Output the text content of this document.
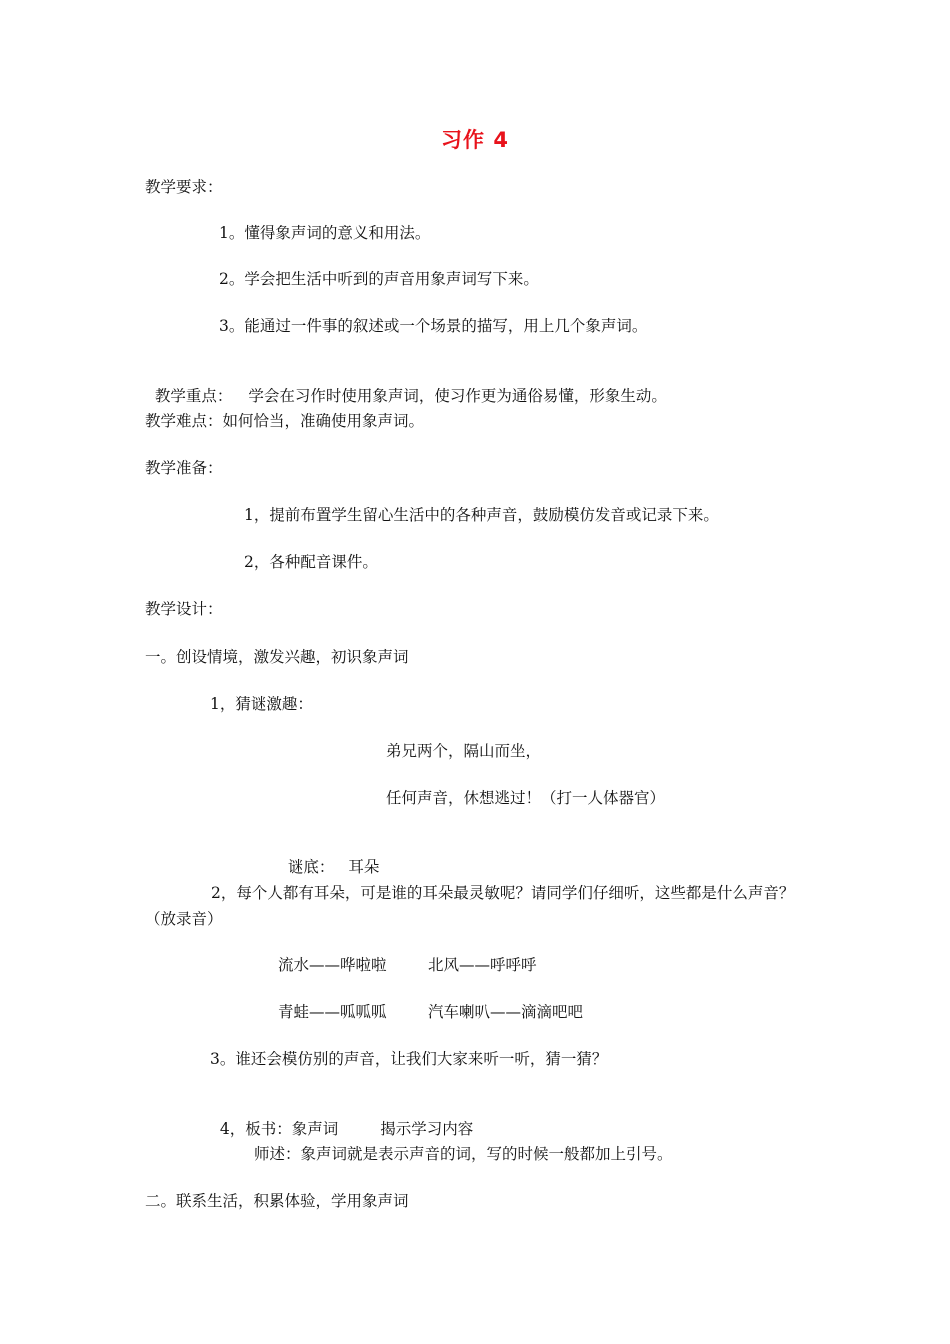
习作 4
教学要求：
1。懂得象声词的意义和用法。
2。学会把生活中听到的声音用象声词写下来。
3。能通过一件事的叙述或一个场景的描写，用上几个象声词。

教学重点： 学会在习作时使用象声词，使习作更为通俗易懂，形象生动。

教学难点：如何恰当，准确使用象声词。
教学准备：
1，提前布置学生留心生活中的各种声音，鼓励模仿发音或记录下来。
2，各种配音课件。
教学设计：
一。创设情境，激发兴趣，初识象声词
1，猜谜激趣：
弟兄两个，隔山而坐，
任何声音，休想逃过！（打一人体器官）

谜底： 耳朵

2，每个人都有耳朵，可是谁的耳朵最灵敏呢？请同学们仔细听，这些都是什么声音？（放录音）
流水——哗啦啦	北风——呼呼呼
青蛙——呱呱呱	汽车喇叭——滴滴吧吧
3。谁还会模仿别的声音，让我们大家来听一听，猜一猜？

4，板书：象声词	揭示学习内容

师述：象声词就是表示声音的词，写的时候一般都加上引号。
二。联系生活，积累体验，学用象声词
